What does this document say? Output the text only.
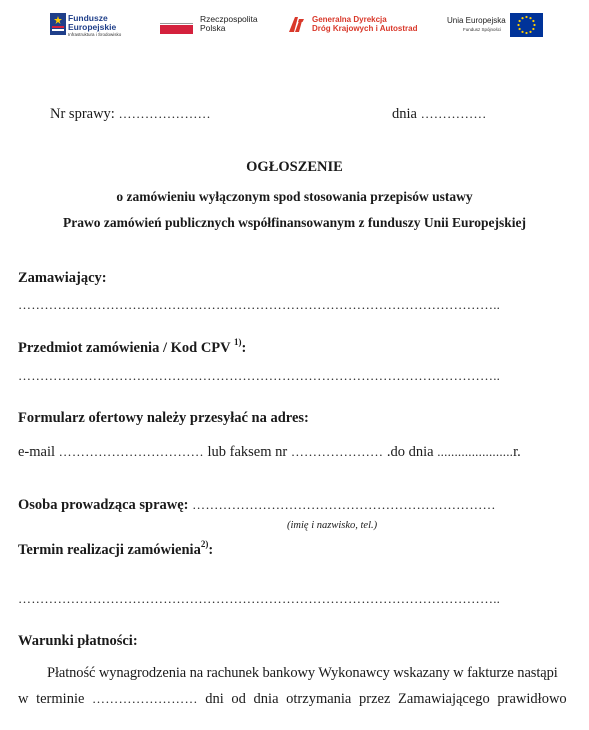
Fundusze
Europejskie
Infrastruktura i Środowisko
Rzeczpospolita
Polska
Generalna Dyrekcja
Dróg Krajowych i Autostrad
Unia Europejska
Fundusz Spójności
Nr sprawy: …………………	dnia ……………
OGŁOSZENIE
o zamówieniu wyłączonym spod stosowania przepisów ustawy
Prawo zamówień publicznych współfinansowanym z funduszy Unii Europejskiej
Zamawiający:
………………………………………………………………………………………………..
Przedmiot zamówienia / Kod CPV $^{1)}$:
………………………………………………………………………………………………..
Formularz ofertowy należy przesyłać na adres:
e-mail …………………………… lub faksem nr ………………… .do dnia ......................r.
Osoba prowadząca sprawę: ……………………………………………………………
(imię i nazwisko, tel.)
Termin realizacji zamówienia$^{2)}$:
………………………………………………………………………………………………..
Warunki płatności:
Płatność wynagrodzenia na rachunek bankowy Wykonawcy wskazany w fakturze nastąpi
w terminie …………………… dni od dnia otrzymania przez Zamawiającego prawidłowo
